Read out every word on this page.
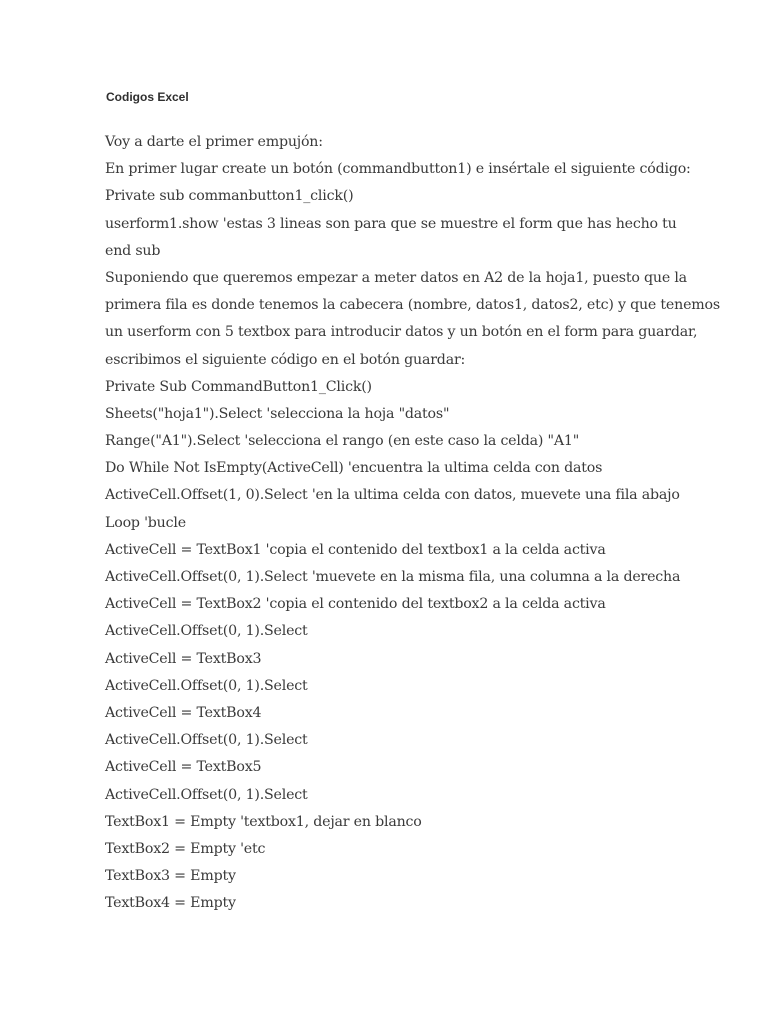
Codigos Excel
Voy a darte el primer empujón:
En primer lugar create un botón (commandbutton1) e insértale el siguiente código:
Private sub commanbutton1_click()
userform1.show 'estas 3 lineas son para que se muestre el form que has hecho tu
end sub
Suponiendo que queremos empezar a meter datos en A2 de la hoja1, puesto que la
primera fila es donde tenemos la cabecera (nombre, datos1, datos2, etc) y que tenemos
un userform con 5 textbox para introducir datos y un botón en el form para guardar,
escribimos el siguiente código en el botón guardar:
Private Sub CommandButton1_Click()
Sheets("hoja1").Select 'selecciona la hoja "datos"
Range("A1").Select 'selecciona el rango (en este caso la celda) "A1"
Do While Not IsEmpty(ActiveCell) 'encuentra la ultima celda con datos
ActiveCell.Offset(1, 0).Select 'en la ultima celda con datos, muevete una fila abajo
Loop 'bucle
ActiveCell = TextBox1 'copia el contenido del textbox1 a la celda activa
ActiveCell.Offset(0, 1).Select 'muevete en la misma fila, una columna a la derecha
ActiveCell = TextBox2 'copia el contenido del textbox2 a la celda activa
ActiveCell.Offset(0, 1).Select
ActiveCell = TextBox3
ActiveCell.Offset(0, 1).Select
ActiveCell = TextBox4
ActiveCell.Offset(0, 1).Select
ActiveCell = TextBox5
ActiveCell.Offset(0, 1).Select
TextBox1 = Empty 'textbox1, dejar en blanco
TextBox2 = Empty 'etc
TextBox3 = Empty
TextBox4 = Empty
